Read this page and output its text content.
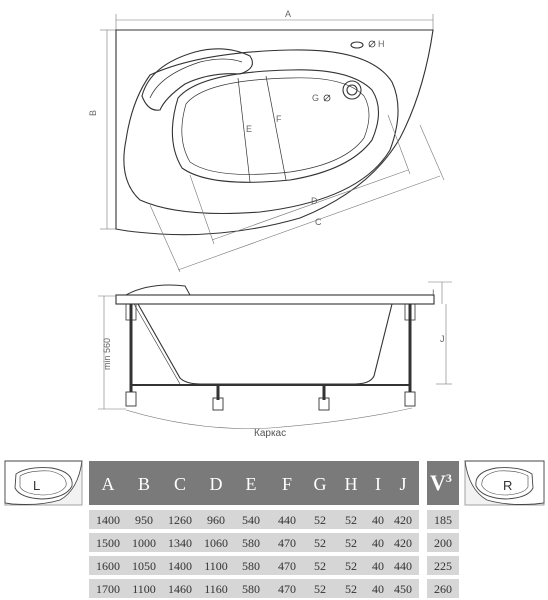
A
B
E
F
G
H
D
C
min 560
I
J
Каркас
L	R
A B C D E F G H I J
1400 950 1260 960 540 440 52 52 40 420 185
1500 1000 1340 1060 580 470 52 52 40 420 200
1600 1050 1400 1100 580 470 52 52 40 440 225
1700 1100 1460 1160 580 470 52 52 40 450 260
$V^3$
